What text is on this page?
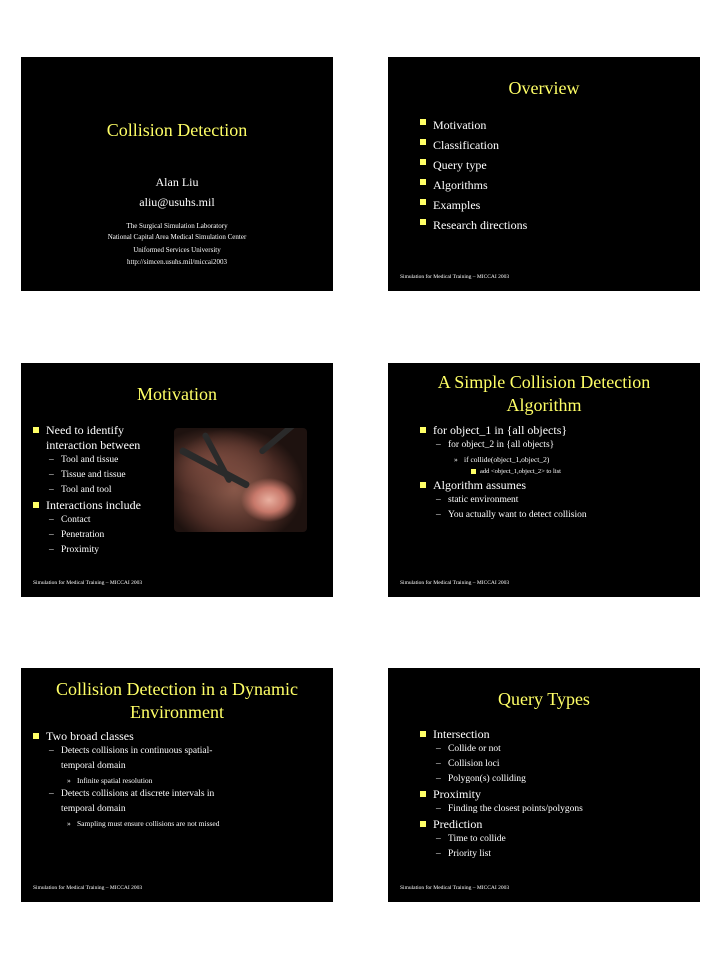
Collision Detection
Alan Liu
aliu@usuhs.mil
The Surgical Simulation Laboratory
National Capital Area Medical Simulation Center
Uniformed Services University
http://simcen.usuhs.mil/miccai2003
Overview
Motivation
Classification
Query type
Algorithms
Examples
Research directions
Simulation for Medical Training – MICCAI 2003
Motivation
Need to identify
interaction between
– Tool and tissue
– Tissue and tissue
– Tool and tool
Interactions include
– Contact
– Penetration
– Proximity
Simulation for Medical Training – MICCAI 2003
A Simple Collision Detection
Algorithm
for object_1 in {all objects}
– for object_2 in {all objects}
» if collide(object_1,object_2)
add <object_1,object_2> to list
Algorithm assumes
– static environment
– You actually want to detect collision
Simulation for Medical Training – MICCAI 2003
Collision Detection in a Dynamic
Environment
Two broad classes
– Detects collisions in continuous spatial-
temporal domain
» Infinite spatial resolution
– Detects collisions at discrete intervals in
temporal domain
» Sampling must ensure collisions are not missed
Simulation for Medical Training – MICCAI 2003
Query Types
Intersection
– Collide or not
– Collision loci
– Polygon(s) colliding
Proximity
– Finding the closest points/polygons
Prediction
– Time to collide
– Priority list
Simulation for Medical Training – MICCAI 2003
